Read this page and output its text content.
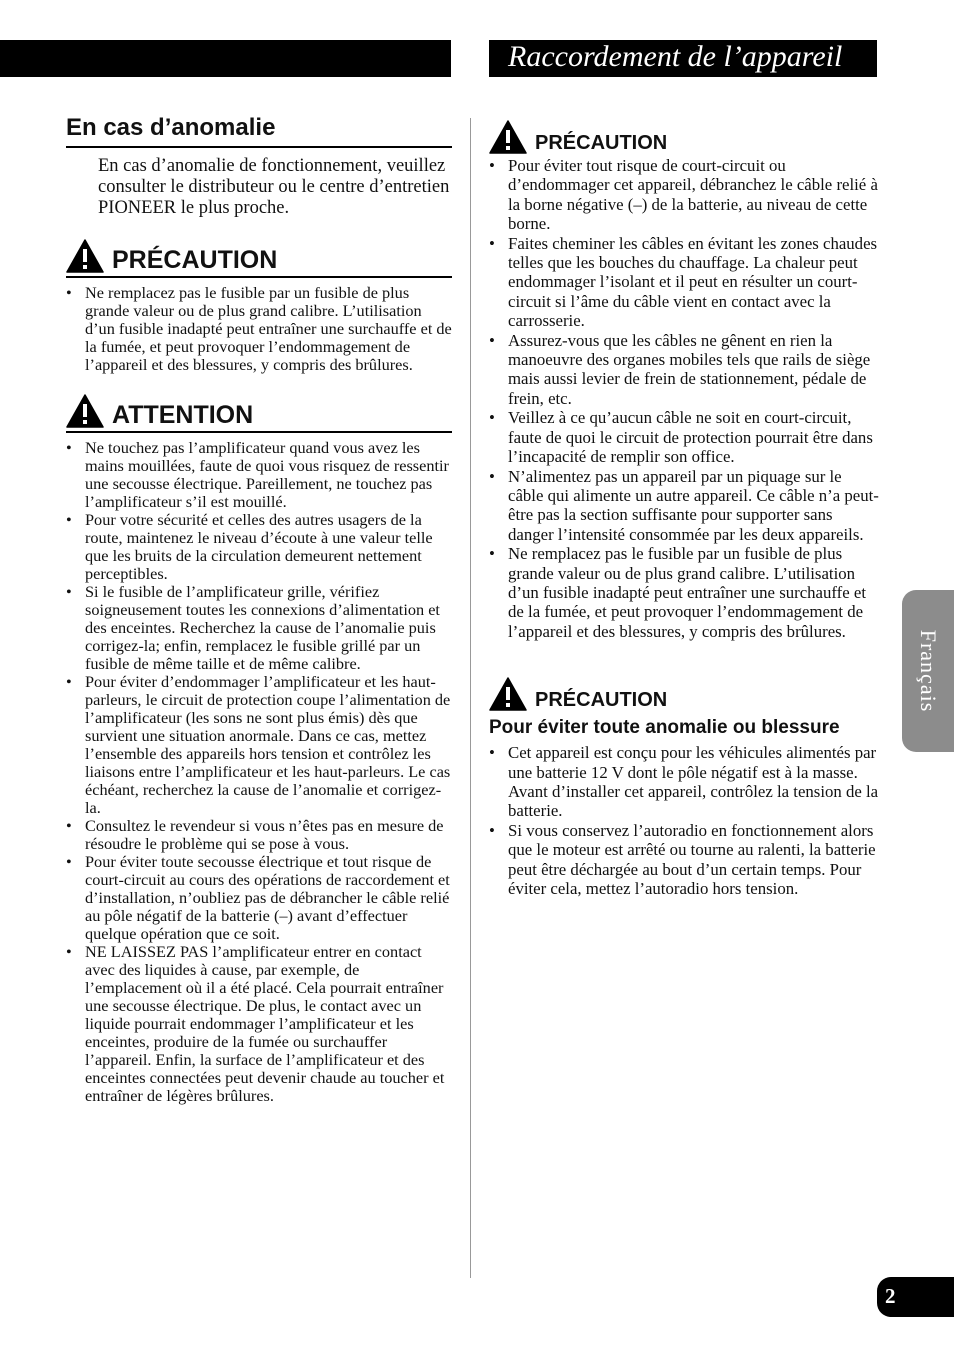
Raccordement de l’appareil
En cas d’anomalie

En cas d’anomalie de fonctionnement, veuillez consulter le distributeur ou le centre d’entretien PIONEER le plus proche.

PRÉCAUTION
• Ne remplacez pas le fusible par un fusible de plus grande valeur ou de plus grand calibre. L’utilisation d’un fusible inadapté peut entraîner une surchauffe et de la fumée, et peut provoquer l’endommagement de l’appareil et des blessures, y compris des brûlures.
ATTENTION
• Ne touchez pas l’amplificateur quand vous avez les mains mouillées, faute de quoi vous risquez de ressentir une secousse électrique. Pareillement, ne touchez pas l’amplificateur s’il est mouillé.
• Pour votre sécurité et celles des autres usagers de la route, maintenez le niveau d’écoute à une valeur telle que les bruits de la circulation demeurent nettement perceptibles.
• Si le fusible de l’amplificateur grille, vérifiez soigneusement toutes les connexions d’alimentation et des enceintes. Recherchez la cause de l’anomalie puis corrigez-la; enfin, remplacez le fusible grillé par un fusible de même taille et de même calibre.
• Pour éviter d’endommager l’amplificateur et les haut-parleurs, le circuit de protection coupe l’alimentation de l’amplificateur (les sons ne sont plus émis) dès que survient une situation anormale. Dans ce cas, mettez l’ensemble des appareils hors tension et contrôlez les liaisons entre l’amplificateur et les haut-parleurs. Le cas échéant, recherchez la cause de l’anomalie et corrigez-la.
• Consultez le revendeur si vous n’êtes pas en mesure de résoudre le problème qui se pose à vous.
• Pour éviter toute secousse électrique et tout risque de court-circuit au cours des opérations de raccordement et d’installation, n’oubliez pas de débrancher le câble relié au pôle négatif de la batterie (–) avant d’effectuer quelque opération que ce soit.
• NE LAISSEZ PAS l’amplificateur entrer en contact avec des liquides à cause, par exemple, de l’emplacement où il a été placé. Cela pourrait entraîner une secousse électrique. De plus, le contact avec un liquide pourrait endommager l’amplificateur et les enceintes, produire de la fumée ou surchauffer l’appareil. Enfin, la surface de l’amplificateur et des enceintes connectées peut devenir chaude au toucher et entraîner de légères brûlures.
PRÉCAUTION
• Pour éviter tout risque de court-circuit ou d’endommager cet appareil, débranchez le câble relié à la borne négative (–) de la batterie, au niveau de cette borne.
• Faites cheminer les câbles en évitant les zones chaudes telles que les bouches du chauffage. La chaleur peut endommager l’isolant et il peut en résulter un court-circuit si l’âme du câble vient en contact avec la carrosserie.
• Assurez-vous que les câbles ne gênent en rien la manoeuvre des organes mobiles tels que rails de siège mais aussi levier de frein de stationnement, pédale de frein, etc.
• Veillez à ce qu’aucun câble ne soit en court-circuit, faute de quoi le circuit de protection pourrait être dans l’incapacité de remplir son office.
• N’alimentez pas un appareil par un piquage sur le câble qui alimente un autre appareil. Ce câble n’a peut-être pas la section suffisante pour supporter sans danger l’intensité consommée par les deux appareils.
• Ne remplacez pas le fusible par un fusible de plus grande valeur ou de plus grand calibre. L’utilisation d’un fusible inadapté peut entraîner une surchauffe et de la fumée, et peut provoquer l’endommagement de l’appareil et des blessures, y compris des brûlures.
PRÉCAUTION
Pour éviter toute anomalie ou blessure
• Cet appareil est conçu pour les véhicules alimentés par une batterie 12 V dont le pôle négatif est à la masse. Avant d’installer cet appareil, contrôlez la tension de la batterie.
• Si vous conservez l’autoradio en fonctionnement alors que le moteur est arrêté ou tourne au ralenti, la batterie peut être déchargée au bout d’un certain temps. Pour éviter cela, mettez l’autoradio hors tension.
Français
2
